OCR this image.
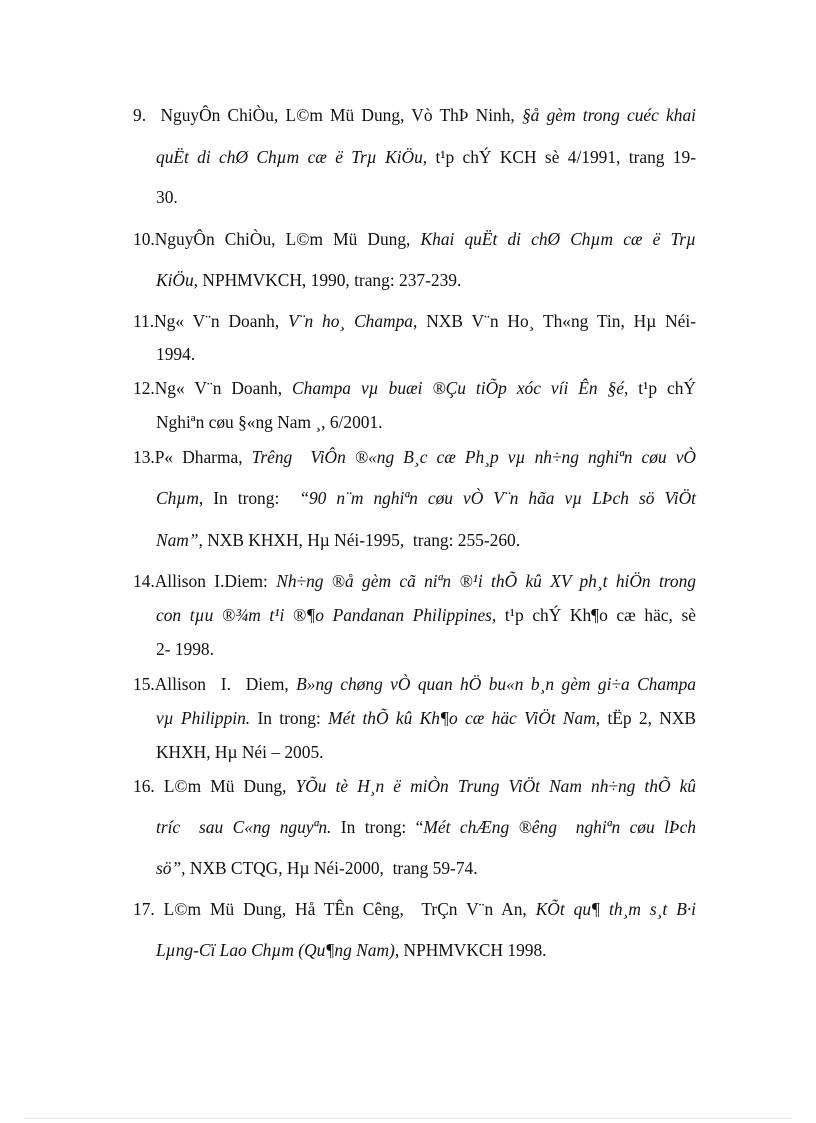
9.  NguyÔn ChiÒu, L©m Mü Dung, Vò ThÞ Ninh, §å gèm trong cuéc khai
quËt di chØ Chµm cæ ë Trµ KiÖu, t¹p chÝ KCH sè 4/1991, trang 19-
30.
10.NguyÔn ChiÒu, L©m Mü Dung, Khai quËt di chØ Chµm cæ ë Trµ
KiÖu, NPHMVKCH, 1990, trang: 237-239.
11.Ng« V¨n Doanh, V¨n ho¸ Champa, NXB V¨n Ho¸ Th«ng Tin, Hµ Néi-
1994.
12.Ng« V¨n Doanh, Champa vµ buæi ®Çu tiÕp xóc víi Ên §é, t¹p chÝ
Nghiªn cøu §«ng Nam ¸, 6/2001.
13.P« Dharma, Trêng  ViÔn ®«ng B¸c cæ Ph¸p vµ nh÷ng nghiªn cøu vÒ
Chµm, In trong:  “90 n¨m nghiªn cøu vÒ V¨n hãa vµ LÞch sö ViÖt
Nam”, NXB KHXH, Hµ Néi-1995,  trang: 255-260.
14.Allison I.Diem: Nh÷ng ®å gèm cã niªn ®¹i thÕ kû XV ph¸t hiÖn trong
con tµu ®¾m t¹i ®¶o Pandanan Philippines, t¹p chÝ Kh¶o cæ häc, sè
2- 1998.
15.Allison  I.  Diem, B»ng chøng vÒ quan hÖ bu«n b¸n gèm gi÷a Champa
vµ Philippin. In trong: Mét thÕ kû Kh¶o cæ häc ViÖt Nam, tËp 2, NXB
KHXH, Hµ Néi – 2005.
16. L©m Mü Dung, YÕu tè H¸n ë miÒn Trung ViÖt Nam nh÷ng thÕ kû
tríc  sau C«ng nguyªn. In trong: “Mét chÆng ®êng  nghiªn cøu lÞch
sö”, NXB CTQG, Hµ Néi-2000,  trang 59-74.
17. L©m Mü Dung, Hå TÊn Cêng,  TrÇn V¨n An, KÕt qu¶ th¸m s¸t B·i
Lµng-Cï Lao Chµm (Qu¶ng Nam), NPHMVKCH 1998.
